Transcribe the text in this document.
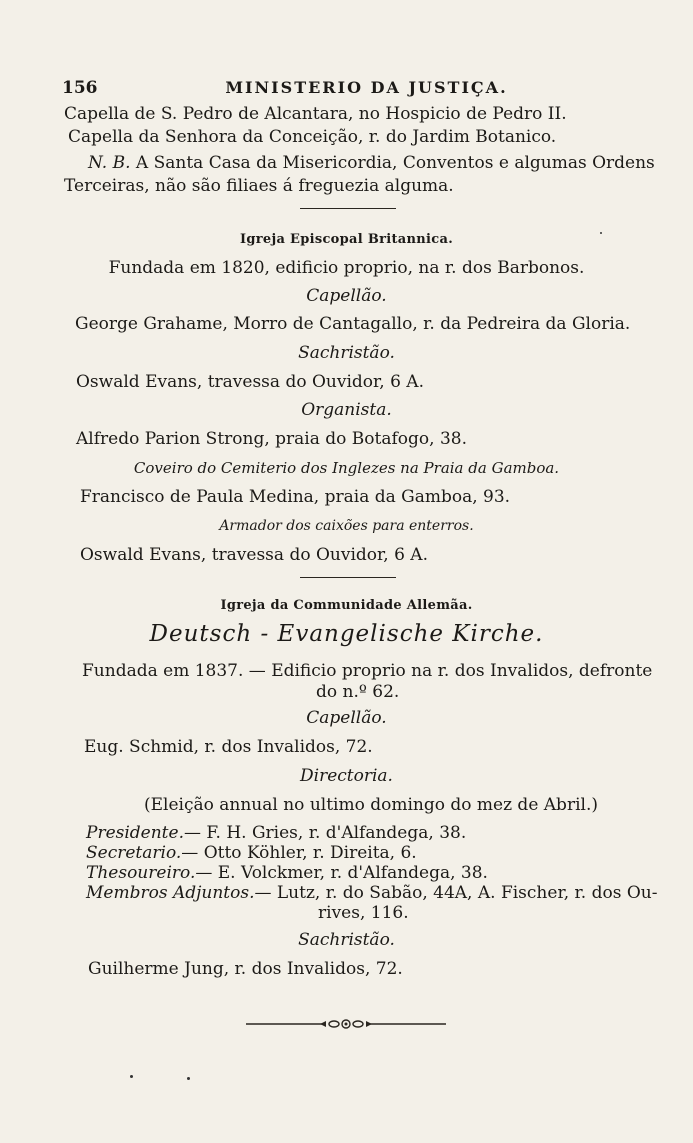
156	MINISTERIO DA JUSTIÇA.
Capella de S. Pedro de Alcantara, no Hospicio de Pedro II.
Capella da Senhora da Conceição, r. do Jardim Botanico.
N. B. A Santa Casa da Misericordia, Conventos e algumas Ordens
Terceiras, não são filiaes á freguezia alguma.
Igreja Episcopal Britannica.
Fundada em 1820, edificio proprio, na r. dos Barbonos.
Capellão.
George Grahame, Morro de Cantagallo, r. da Pedreira da Gloria.
Sachristão.
Oswald Evans, travessa do Ouvidor, 6 A.
Organista.
Alfredo Parion Strong, praia do Botafogo, 38.
Coveiro do Cemiterio dos Inglezes na Praia da Gamboa.
Francisco de Paula Medina, praia da Gamboa, 93.
Armador dos caixões para enterros.
Oswald Evans, travessa do Ouvidor, 6 A.
Igreja da Communidade Allemãa.
Deutsch - Evangelische Kirche.
Fundada em 1837. — Edificio proprio na r. dos Invalidos, defronte
do n.º 62.
Capellão.
Eug. Schmid, r. dos Invalidos, 72.
Directoria.
(Eleição annual no ultimo domingo do mez de Abril.)
Presidente.— F. H. Gries, r. d'Alfandega, 38.
Secretario.— Otto Köhler, r. Direita, 6.
Thesoureiro.— E. Volckmer, r. d'Alfandega, 38.
Membros Adjuntos.— Lutz, r. do Sabão, 44A, A. Fischer, r. dos Ou-
rives, 116.
Sachristão.
Guilherme Jung, r. dos Invalidos, 72.
